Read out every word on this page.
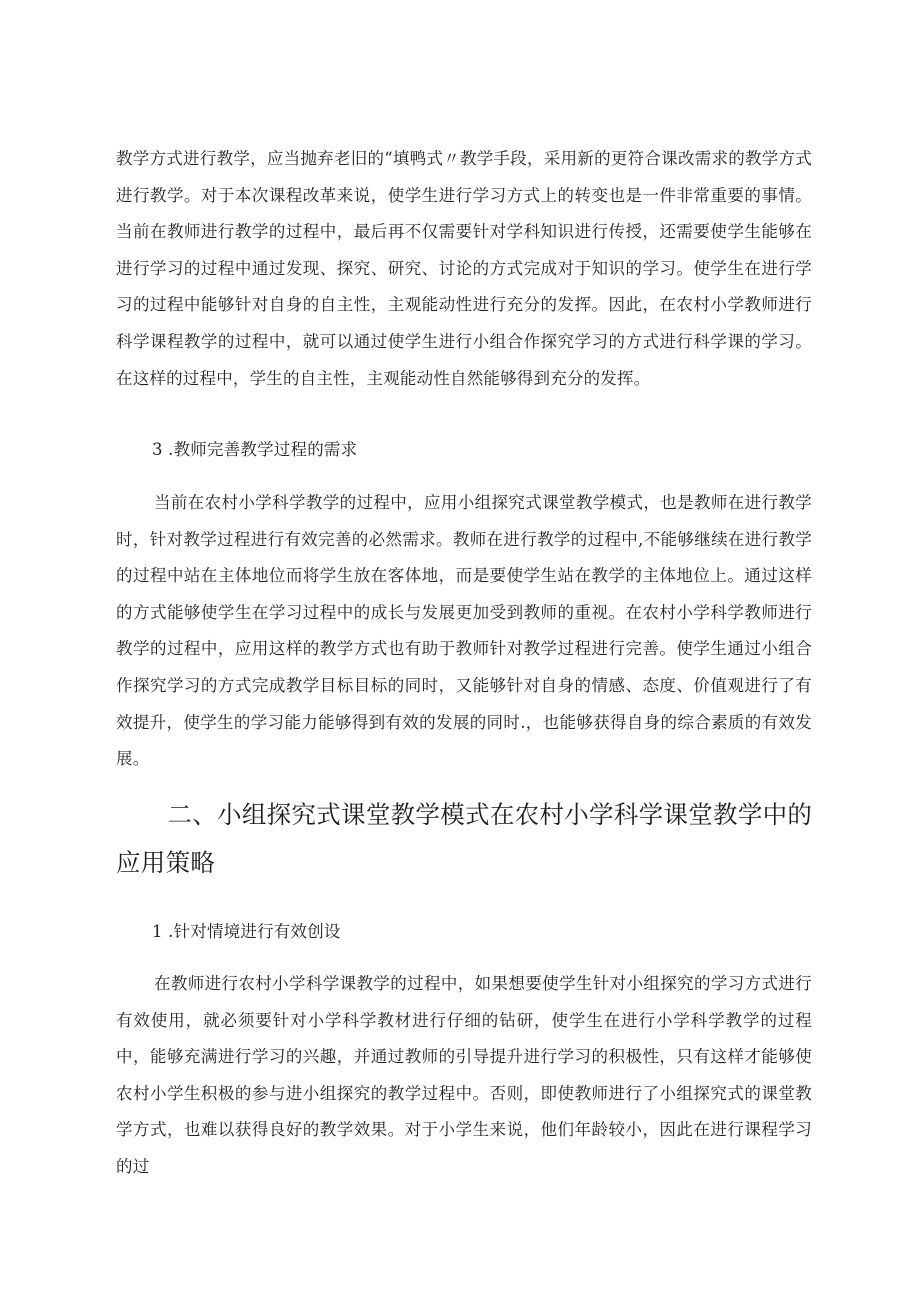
教学方式进行教学，应当抛弃老旧的“填鸭式〃教学手段，采用新的更符合课改需求的教学方式进行教学。对于本次课程改革来说，使学生进行学习方式上的转变也是一件非常重要的事情。当前在教师进行教学的过程中，最后再不仅需要针对学科知识进行传授，还需要使学生能够在进行学习的过程中通过发现、探究、研究、讨论的方式完成对于知识的学习。使学生在进行学习的过程中能够针对自身的自主性，主观能动性进行充分的发挥。因此，在农村小学教师进行科学课程教学的过程中，就可以通过使学生进行小组合作探究学习的方式进行科学课的学习。在这样的过程中，学生的自主性，主观能动性自然能够得到充分的发挥。

3 .教师完善教学过程的需求

当前在农村小学科学教学的过程中，应用小组探究式课堂教学模式，也是教师在进行教学时，针对教学过程进行有效完善的必然需求。教师在进行教学的过程中,不能够继续在进行教学的过程中站在主体地位而将学生放在客体地，而是要使学生站在教学的主体地位上。通过这样的方式能够使学生在学习过程中的成长与发展更加受到教师的重视。在农村小学科学教师进行教学的过程中，应用这样的教学方式也有助于教师针对教学过程进行完善。使学生通过小组合作探究学习的方式完成教学目标目标的同时，又能够针对自身的情感、态度、价值观进行了有效提升，使学生的学习能力能够得到有效的发展的同时.，也能够获得自身的综合素质的有效发展。

二、小组探究式课堂教学模式在农村小学科学课堂教学中的应用策略

1 .针对情境进行有效创设

在教师进行农村小学科学课教学的过程中，如果想要使学生针对小组探究的学习方式进行有效使用，就必须要针对小学科学教材进行仔细的钻研，使学生在进行小学科学教学的过程中，能够充满进行学习的兴趣，并通过教师的引导提升进行学习的积极性，只有这样才能够使农村小学生积极的参与进小组探究的教学过程中。否则，即使教师进行了小组探究式的课堂教学方式，也难以获得良好的教学效果。对于小学生来说，他们年龄较小，因此在进行课程学习的过
